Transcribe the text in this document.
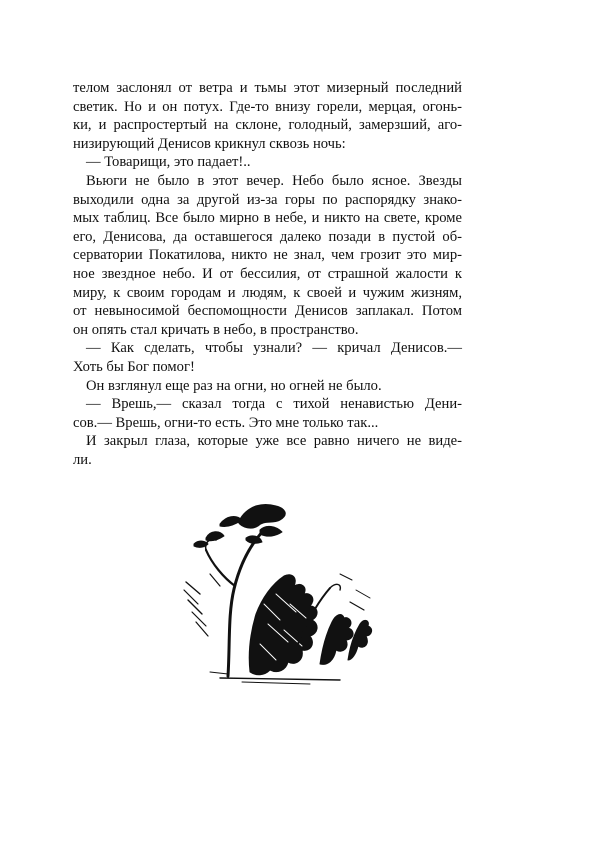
телом заслонял от ветра и тьмы этот мизерный последний
светик. Но и он потух. Где-то внизу горели, мерцая, огонь-
ки, и распростертый на склоне, голодный, замерзший, аго-
низирующий Денисов крикнул сквозь ночь:
— Товарищи, это падает!..
Вьюги не было в этот вечер. Небо было ясное. Звезды
выходили одна за другой из-за горы по распорядку знако-
мых таблиц. Все было мирно в небе, и никто на свете, кроме
его, Денисова, да оставшегося далеко позади в пустой об-
серватории Покатилова, никто не знал, чем грозит это мир-
ное звездное небо. И от бессилия, от страшной жалости к
миру, к своим городам и людям, к своей и чужим жизням,
от невыносимой беспомощности Денисов заплакал. Потом
он опять стал кричать в небо, в пространство.
— Как сделать, чтобы узнали? — кричал Денисов.—
Хоть бы Бог помог!
Он взглянул еще раз на огни, но огней не было.
— Врешь,— сказал тогда с тихой ненавистью Дени-
сов.— Врешь, огни-то есть. Это мне только так...
И закрыл глаза, которые уже все равно ничего не виде-
ли.
